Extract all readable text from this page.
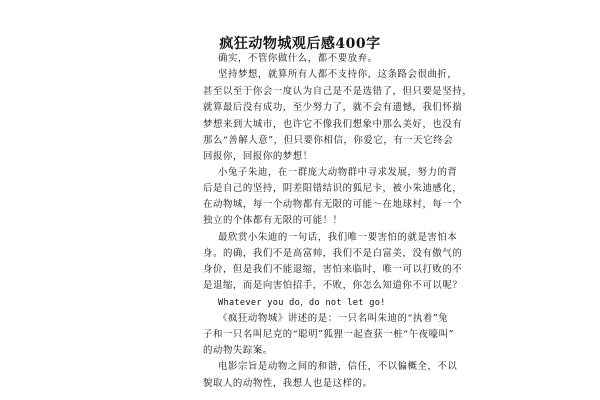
疯狂动物城观后感400字
确实，不管你做什么，都不要放弃。
坚持梦想，就算所有人都不支持你，这条路会很曲折，
甚至以至于你会一度认为自己是不是选错了，但只要是坚持，
就算最后没有成功，至少努力了，就不会有遗憾，我们怀揣
梦想来到大城市，也许它不像我们想象中那么美好，也没有
那么“善解人意”，但只要你相信，你爱它，有一天它终会
回报你，回报你的梦想！
小兔子朱迪，在一群庞大动物群中寻求发展，努力的背
后是自己的坚持，阴差阳错结识的狐尼卡，被小朱迪感化，
在动物城，每一个动物都有无限的可能～在地球村，每一个
独立的个体都有无限的可能！！
最欣赏小朱迪的一句话，我们唯一要害怕的就是害怕本
身。的确，我们不是高富帅，我们不是白富美，没有傲气的
身价，但是我们不能退缩，害怕来临时，唯一可以打败的不
是退缩，而是向害怕招手，不败，你怎么知道你不可以呢？
Whatever you do，do not let go!
《疯狂动物城》讲述的是：一只名叫朱迪的“执着”兔
子和一只名叫尼克的“聪明”狐狸一起查获一桩“午夜嚎叫”
的动物失踪案。
电影宗旨是动物之间的和谐，信任，不以偏概全，不以
貌取人的动物性，我想人也是这样的。
